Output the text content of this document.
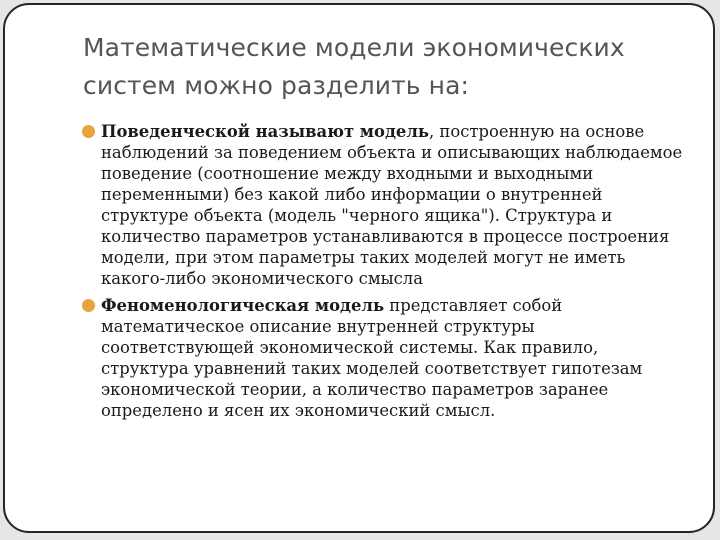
Математические модели экономических систем можно разделить на:
Поведенческой называют модель, построенную на основе наблюдений за поведением объекта и описывающих наблюдаемое поведение (соотношение между входными и выходными переменными) без какой либо информации о внутренней структуре объекта (модель "черного ящика"). Структура и количество параметров устанавливаются в процессе построения модели, при этом параметры таких моделей могут не иметь какого-либо экономического смысла
Феноменологическая модель представляет собой математическое описание внутренней структуры соответствующей экономической системы. Как правило, структура уравнений таких моделей соответствует гипотезам экономической теории, а количество параметров заранее определено и ясен их экономический смысл.
